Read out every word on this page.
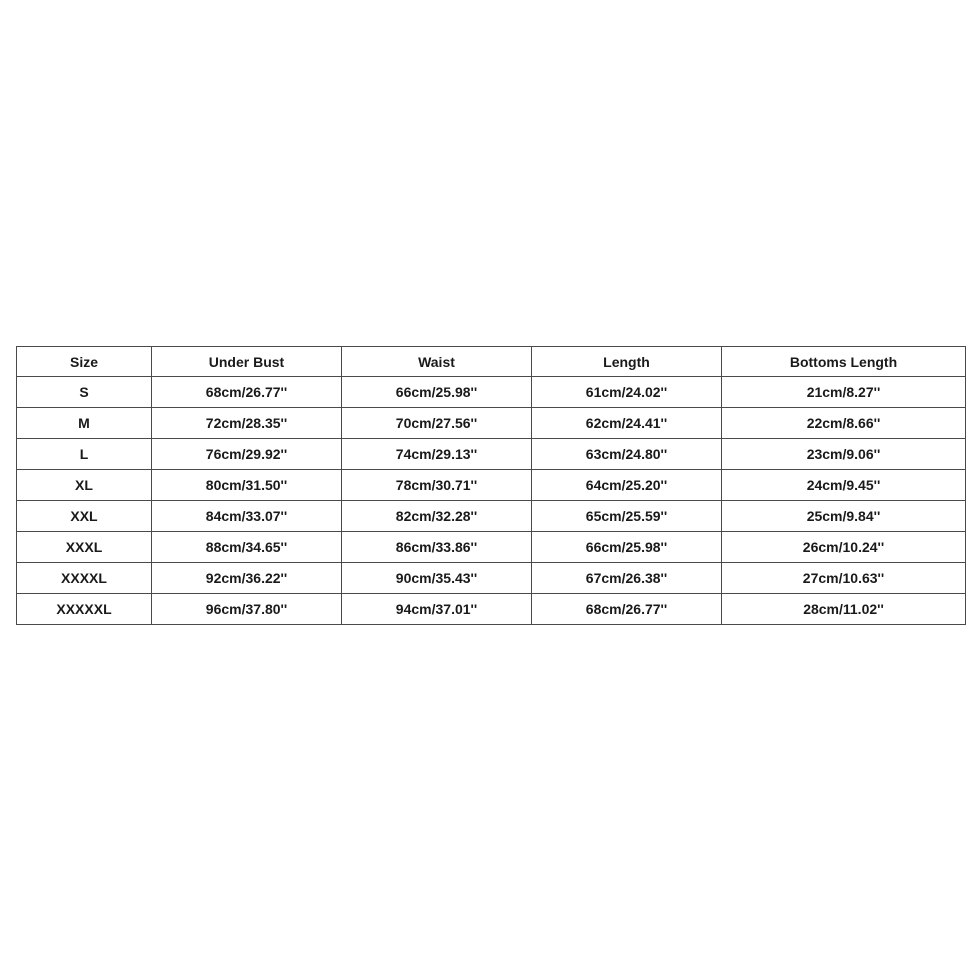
Size	Under Bust	Waist	Length	Bottoms Length
S	68cm/26.77''	66cm/25.98''	61cm/24.02''	21cm/8.27''
M	72cm/28.35''	70cm/27.56''	62cm/24.41''	22cm/8.66''
L	76cm/29.92''	74cm/29.13''	63cm/24.80''	23cm/9.06''
XL	80cm/31.50''	78cm/30.71''	64cm/25.20''	24cm/9.45''
XXL	84cm/33.07''	82cm/32.28''	65cm/25.59''	25cm/9.84''
XXXL	88cm/34.65''	86cm/33.86''	66cm/25.98''	26cm/10.24''
XXXXL	92cm/36.22''	90cm/35.43''	67cm/26.38''	27cm/10.63''
XXXXXL	96cm/37.80''	94cm/37.01''	68cm/26.77''	28cm/11.02''
